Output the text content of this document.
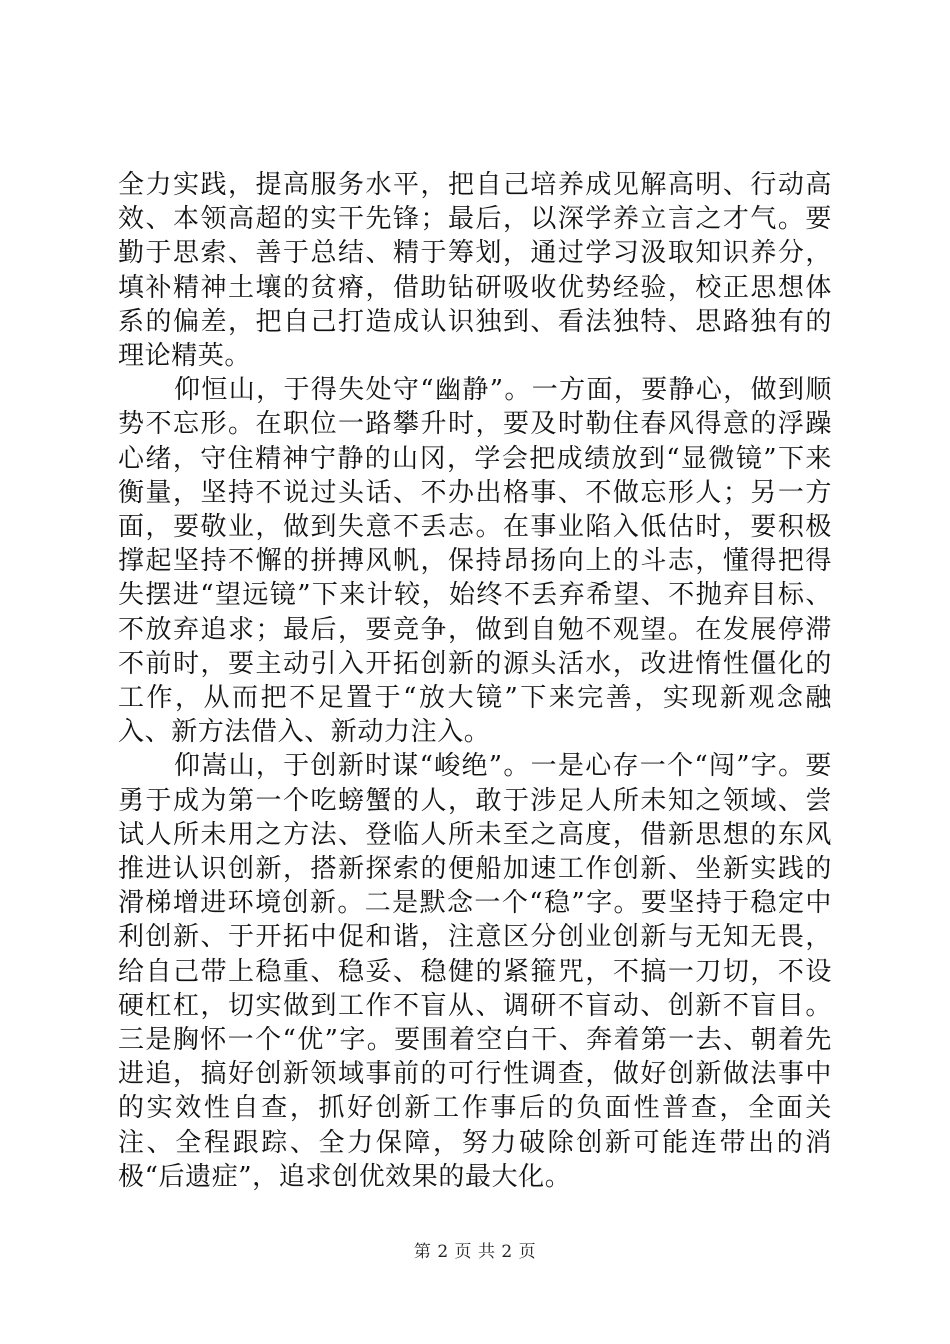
全力实践，提高服务水平，把自己培养成见解高明、行动高效、本领高超的实干先锋；最后，以深学养立言之才气。要勤于思索、善于总结、精于筹划，通过学习汲取知识养分，填补精神土壤的贫瘠，借助钻研吸收优势经验，校正思想体系的偏差，把自己打造成认识独到、看法独特、思路独有的理论精英。

仰恒山，于得失处守“幽静”。一方面，要静心，做到顺势不忘形。在职位一路攀升时，要及时勒住春风得意的浮躁心绪，守住精神宁静的山冈，学会把成绩放到“显微镜”下来衡量，坚持不说过头话、不办出格事、不做忘形人；另一方面，要敬业，做到失意不丢志。在事业陷入低估时，要积极撑起坚持不懈的拼搏风帆，保持昂扬向上的斗志，懂得把得失摆进“望远镜”下来计较，始终不丢弃希望、不抛弃目标、不放弃追求；最后，要竞争，做到自勉不观望。在发展停滞不前时，要主动引入开拓创新的源头活水，改进惰性僵化的工作，从而把不足置于“放大镜”下来完善，实现新观念融入、新方法借入、新动力注入。

仰嵩山，于创新时谋“峻绝”。一是心存一个“闯”字。要勇于成为第一个吃螃蟹的人，敢于涉足人所未知之领域、尝试人所未用之方法、登临人所未至之高度，借新思想的东风推进认识创新，搭新探索的便船加速工作创新、坐新实践的滑梯增进环境创新。二是默念一个“稳”字。要坚持于稳定中利创新、于开拓中促和谐，注意区分创业创新与无知无畏，给自己带上稳重、稳妥、稳健的紧箍咒，不搞一刀切，不设硬杠杠，切实做到工作不盲从、调研不盲动、创新不盲目。三是胸怀一个“优”字。要围着空白干、奔着第一去、朝着先进追，搞好创新领域事前的可行性调查，做好创新做法事中的实效性自查，抓好创新工作事后的负面性普查，全面关注、全程跟踪、全力保障，努力破除创新可能连带出的消极“后遗症”，追求创优效果的最大化。

第 2 页 共 2 页
